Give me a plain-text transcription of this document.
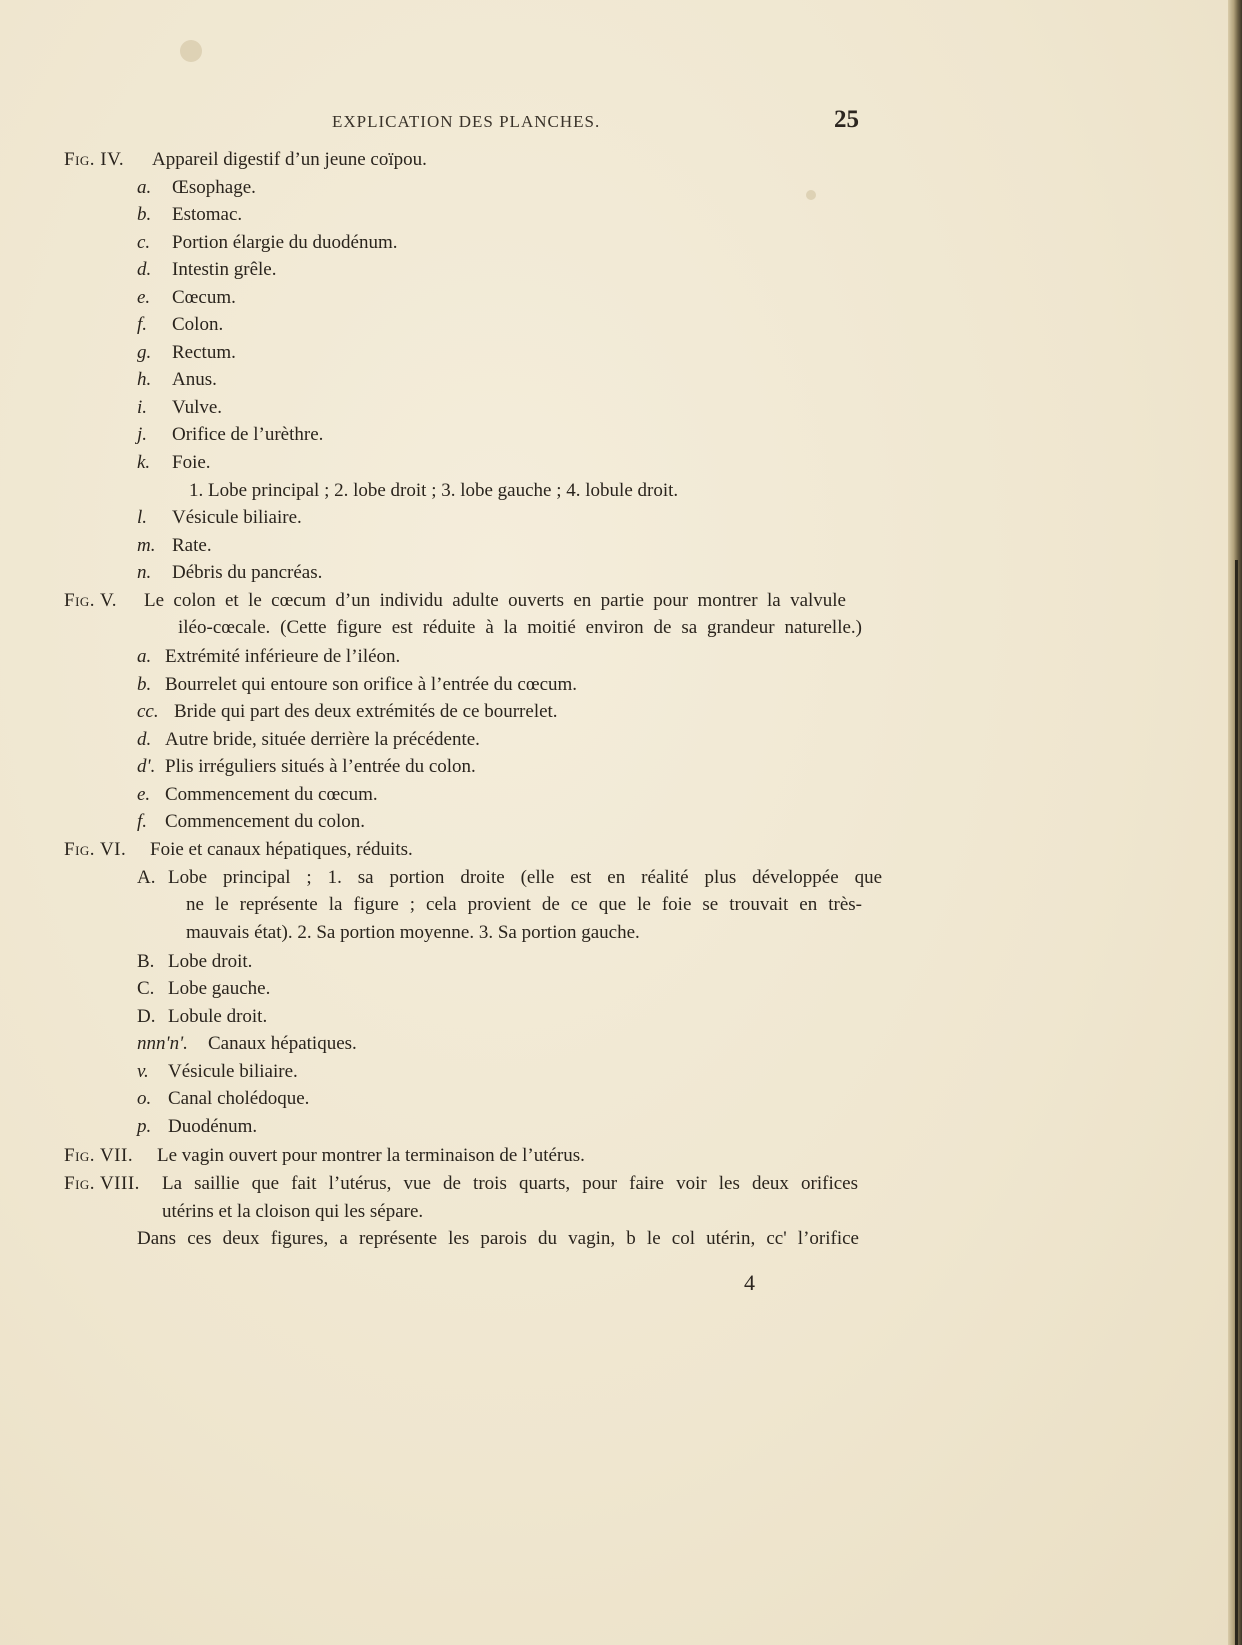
EXPLICATION DES PLANCHES.	25
Fig. IV. Appareil digestif d’un jeune coïpou.
a. Œsophage.
b. Estomac.
c. Portion élargie du duodénum.
d. Intestin grêle.
e. Cœcum.
f. Colon.
g. Rectum.
h. Anus.
i. Vulve.
j. Orifice de l’urèthre.
k. Foie.
1. Lobe principal ; 2. lobe droit ; 3. lobe gauche ; 4. lobule droit.
l. Vésicule biliaire.
m. Rate.
n. Débris du pancréas.
Fig. V. Le colon et le cœcum d’un individu adulte ouverts en partie pour montrer la valvule
iléo-cœcale. (Cette figure est réduite à la moitié environ de sa grandeur naturelle.)
a. Extrémité inférieure de l’iléon.
b. Bourrelet qui entoure son orifice à l’entrée du cœcum.
cc. Bride qui part des deux extrémités de ce bourrelet.
d. Autre bride, située derrière la précédente.
d'. Plis irréguliers situés à l’entrée du colon.
e. Commencement du cœcum.
f. Commencement du colon.
Fig. VI. Foie et canaux hépatiques, réduits.
A. Lobe principal ; 1. sa portion droite (elle est en réalité plus développée que
ne le représente la figure ; cela provient de ce que le foie se trouvait en très-
mauvais état). 2. Sa portion moyenne. 3. Sa portion gauche.
B. Lobe droit.
C. Lobe gauche.
D. Lobule droit.
nnn'n'. Canaux hépatiques.
v. Vésicule biliaire.
o. Canal cholédoque.
p. Duodénum.
Fig. VII. Le vagin ouvert pour montrer la terminaison de l’utérus.
Fig. VIII. La saillie que fait l’utérus, vue de trois quarts, pour faire voir les deux orifices
utérins et la cloison qui les sépare.
Dans ces deux figures, a représente les parois du vagin, b le col utérin, cc' l’orifice
4
